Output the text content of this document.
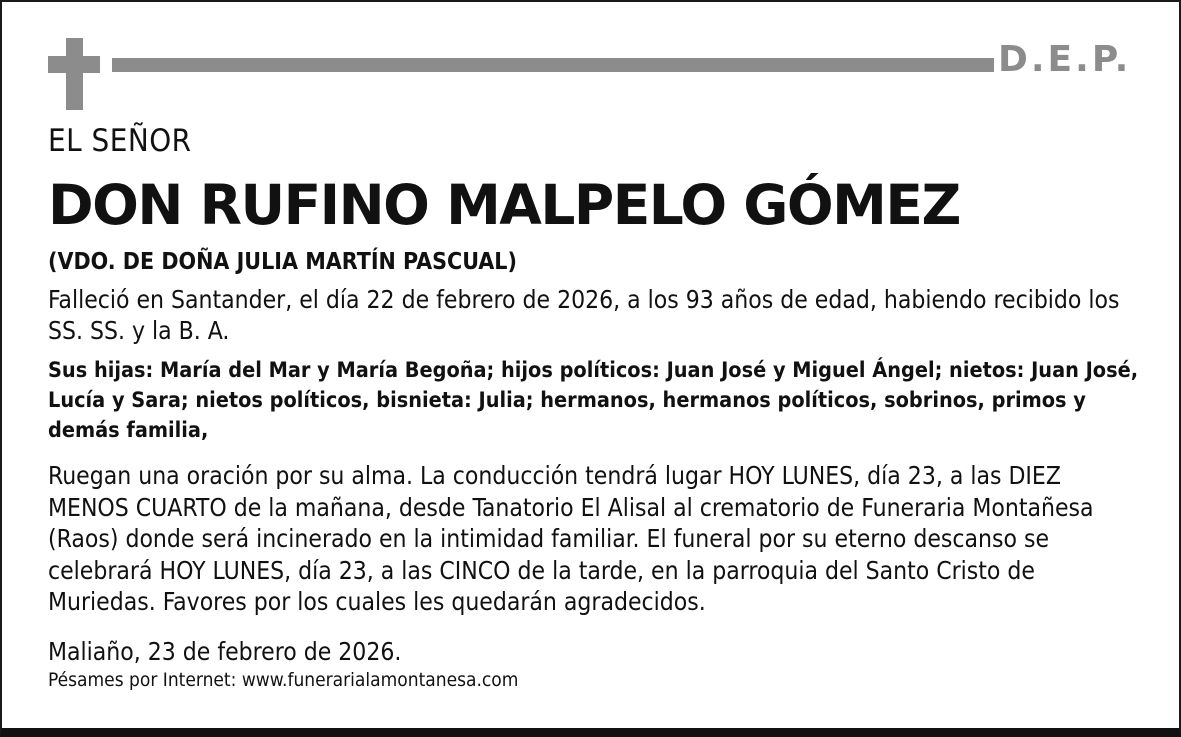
D.E.P.

EL SEÑOR

DON RUFINO MALPELO GÓMEZ

(VDO. DE DOÑA JULIA MARTÍN PASCUAL)

Falleció en Santander, el día 22 de febrero de 2026, a los 93 años de edad, habiendo recibido los SS. SS. y la B. A.

Sus hijas: María del Mar y María Begoña; hijos políticos: Juan José y Miguel Ángel; nietos: Juan José, Lucía y Sara; nietos políticos, bisnieta: Julia; hermanos, hermanos políticos, sobrinos, primos y demás familia,

Ruegan una oración por su alma. La conducción tendrá lugar HOY LUNES, día 23, a las DIEZ MENOS CUARTO de la mañana, desde Tanatorio El Alisal al crematorio de Funeraria Montañesa (Raos) donde será incinerado en la intimidad familiar. El funeral por su eterno descanso se celebrará HOY LUNES, día 23, a las CINCO de la tarde, en la parroquia del Santo Cristo de Muriedas. Favores por los cuales les quedarán agradecidos.

Maliaño, 23 de febrero de 2026.

Pésames por Internet: www.funerarialamontanesa.com
